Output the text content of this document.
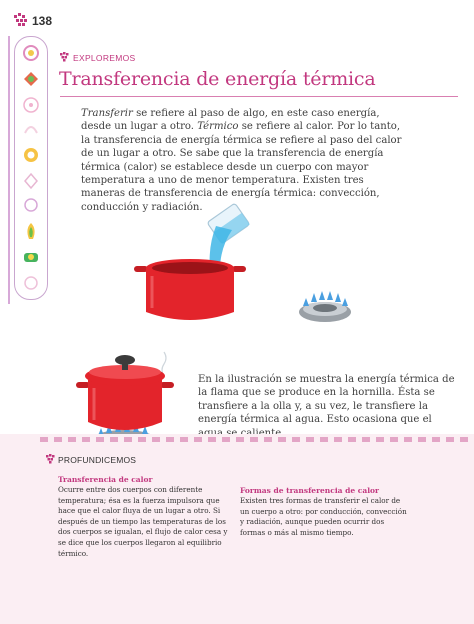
138
EXPLOREMOS
Transferencia de energía térmica
Transferir se refiere al paso de algo, en este caso energía, desde un lugar a otro. Térmico se refiere al calor. Por lo tanto, la transferencia de energía térmica se refiere al paso del calor de un lugar a otro. Se sabe que la transferencia de energía térmica (calor) se establece desde un cuerpo con mayor temperatura a uno de menor temperatura. Existen tres maneras de transferencia de energía térmica: convección, conducción y radiación.
En la ilustración se muestra la energía térmica de la flama que se produce en la hornilla. Ésta se transfiere a la olla y, a su vez, le transfiere la energía térmica al agua. Esto ocasiona que el
PROFUNDICEMOS
Transferencia de calor
Ocurre entre dos cuerpos con diferente temperatura; ésa es la fuerza impulsora que hace que el calor fluya de un lugar a otro. Si después de un tiempo las temperaturas de los dos cuerpos se igualan, el flujo de calor cesa y se dice que los cuerpos llegaron al equilibrio térmico.
Formas de transferencia de calor
Existen tres formas de transferir el calor de un cuerpo a otro: por conducción, convección y radiación, aunque pueden ocurrir dos formas o más al mismo tiempo.
